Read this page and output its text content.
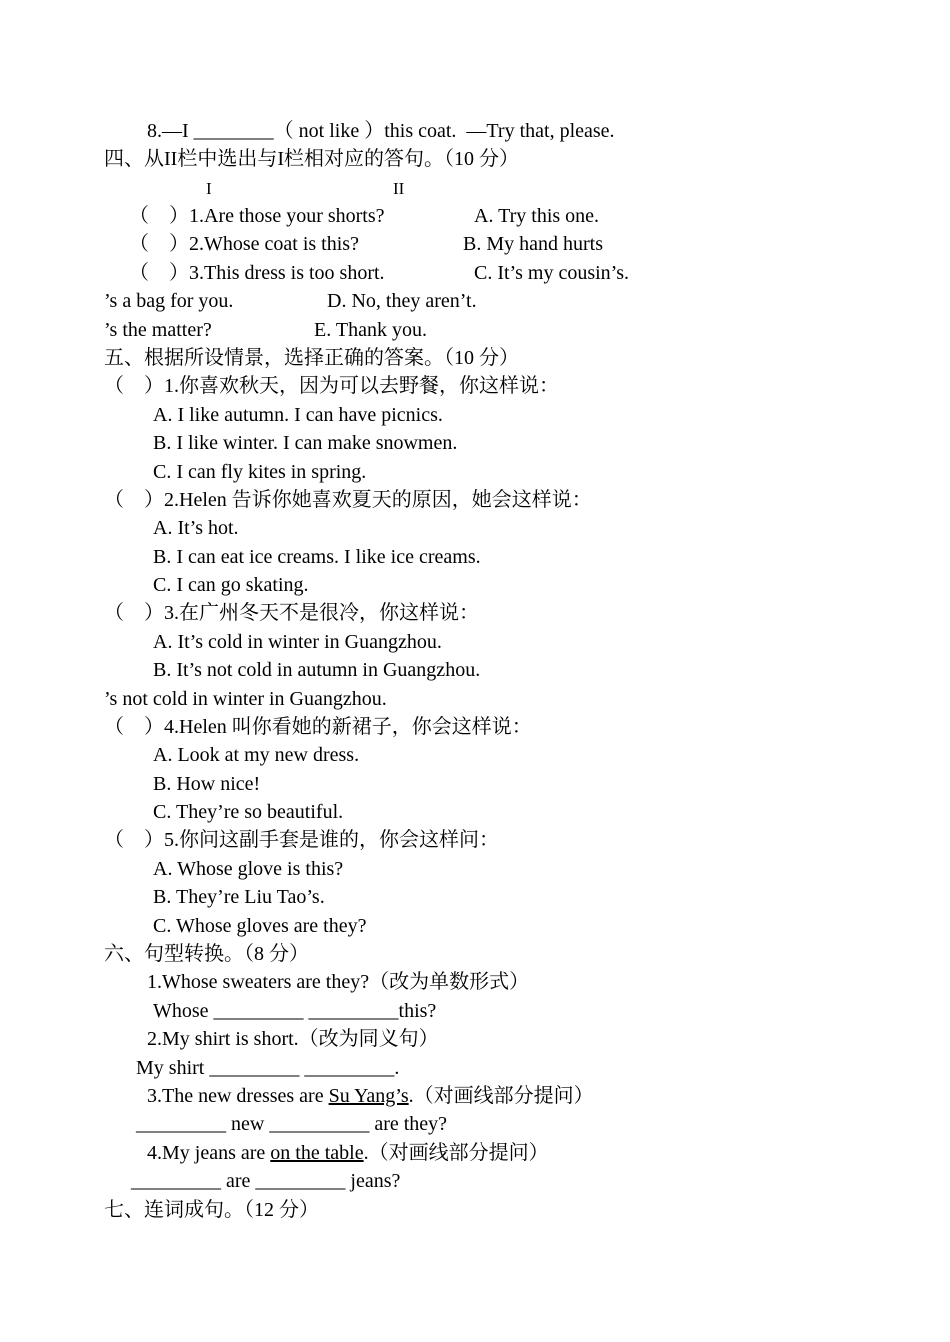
8.—I ________（ not like ）this coat.  —Try that, please.
四、从II栏中选出与I栏相对应的答句。（10 分）
I	II
（    ）1.Are those your shorts?	A. Try this one.
（    ）2.Whose coat is this?	B. My hand hurts
（    ）3.This dress is too short.	C. It’s my cousin’s.
’s a bag for you.	D. No, they aren’t.
’s the matter?	E. Thank you.
五、根据所设情景，选择正确的答案。（10 分）
（    ）1.你喜欢秋天，因为可以去野餐，你这样说：
A. I like autumn. I can have picnics.
B. I like winter. I can make snowmen.
C. I can fly kites in spring.
（    ）2.Helen 告诉你她喜欢夏天的原因，她会这样说：
A. It’s hot.
B. I can eat ice creams. I like ice creams.
C. I can go skating.
（    ）3.在广州冬天不是很冷，你这样说：
A. It’s cold in winter in Guangzhou.
B. It’s not cold in autumn in Guangzhou.
’s not cold in winter in Guangzhou.
（    ）4.Helen 叫你看她的新裙子，你会这样说：
A. Look at my new dress.
B. How nice!
C. They’re so beautiful.
（    ）5.你问这副手套是谁的，你会这样问：
A. Whose glove is this?
B. They’re Liu Tao’s.
C. Whose gloves are they?
六、句型转换。（8 分）
1.Whose sweaters are they?（改为单数形式）
Whose _________ _________this?
2.My shirt is short.（改为同义句）
My shirt _________ _________.
3.The new dresses are Su Yang’s.（对画线部分提问）
_________ new __________ are they?
4.My jeans are on the table.（对画线部分提问）
_________ are _________ jeans?
七、连词成句。（12 分）
